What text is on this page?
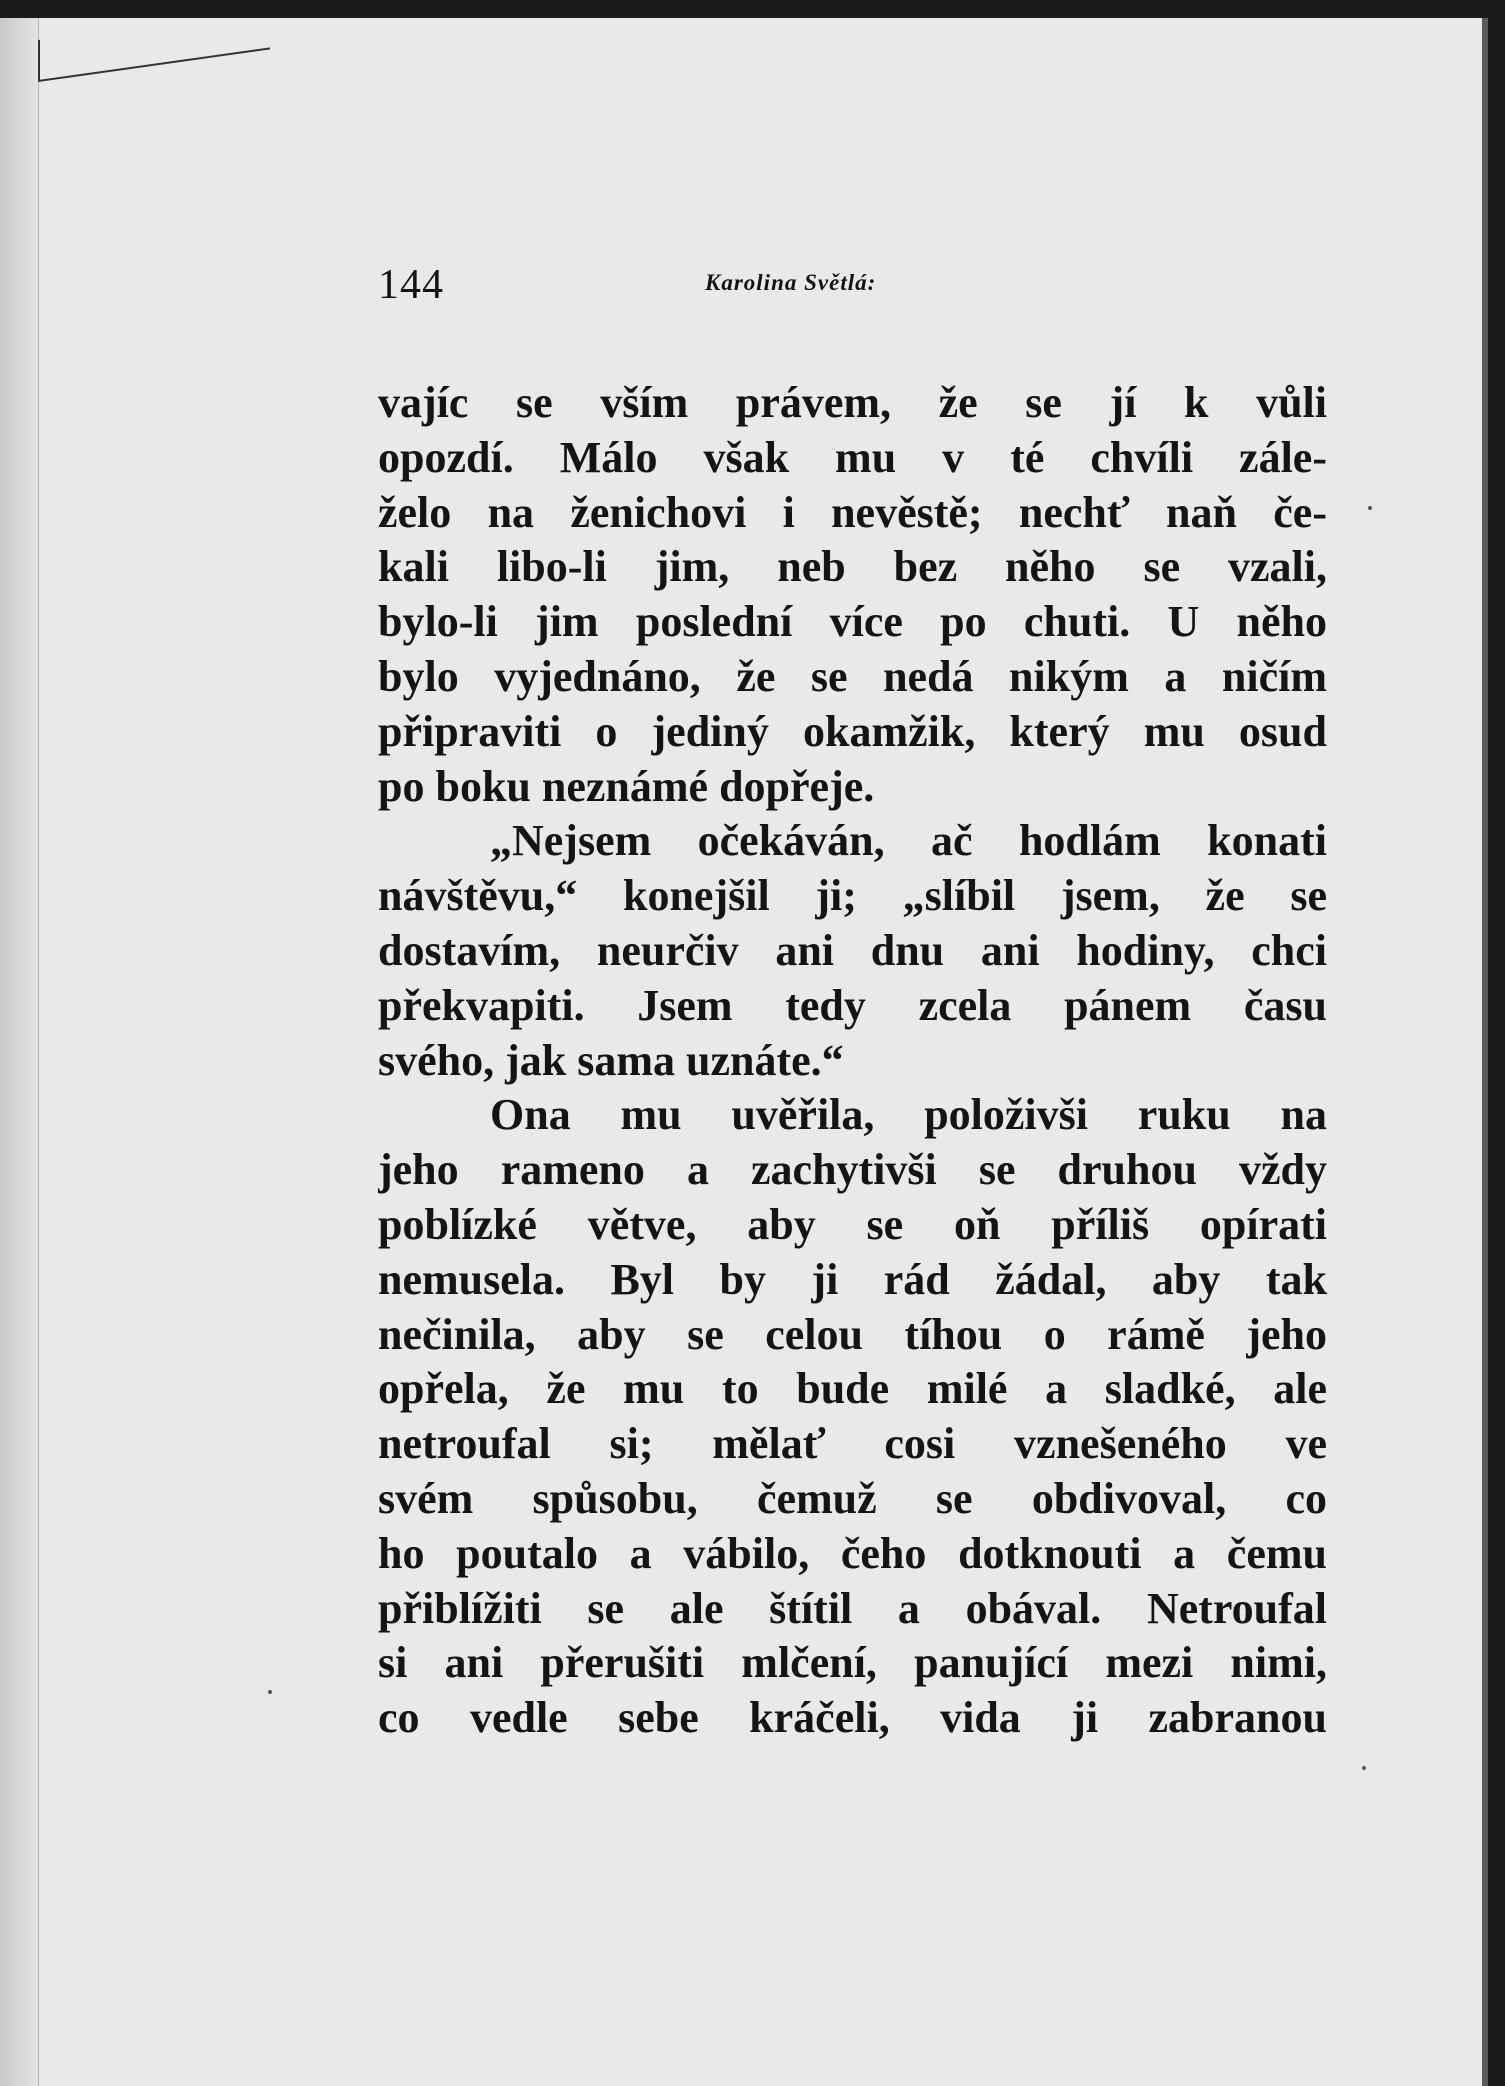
144	Karolina Světlá:
vajíc se vším právem, že se jí k vůli
opozdí. Málo však mu v té chvíli zále-
želo na ženichovi i nevěstě; nechť naň če-
kali libo-li jim, neb bez něho se vzali,
bylo-li jim poslední více po chuti. U něho
bylo vyjednáno, že se nedá nikým a ničím
připraviti o jediný okamžik, který mu osud
po boku neznámé dopřeje.
„Nejsem očekáván, ač hodlám konati
návštěvu,“ konejšil ji; „slíbil jsem, že se
dostavím, neurčiv ani dnu ani hodiny, chci
překvapiti. Jsem tedy zcela pánem času
svého, jak sama uznáte.“
Ona mu uvěřila, položivši ruku na
jeho rameno a zachytivši se druhou vždy
poblízké větve, aby se oň příliš opírati
nemusela. Byl by ji rád žádal, aby tak
nečinila, aby se celou tíhou o rámě jeho
opřela, že mu to bude milé a sladké, ale
netroufal si; mělať cosi vznešeného ve
svém spůsobu, čemuž se obdivoval, co
ho poutalo a vábilo, čeho dotknouti a čemu
přiblížiti se ale štítil a obával. Netroufal
si ani přerušiti mlčení, panující mezi nimi,
co vedle sebe kráčeli, vida ji zabranou
